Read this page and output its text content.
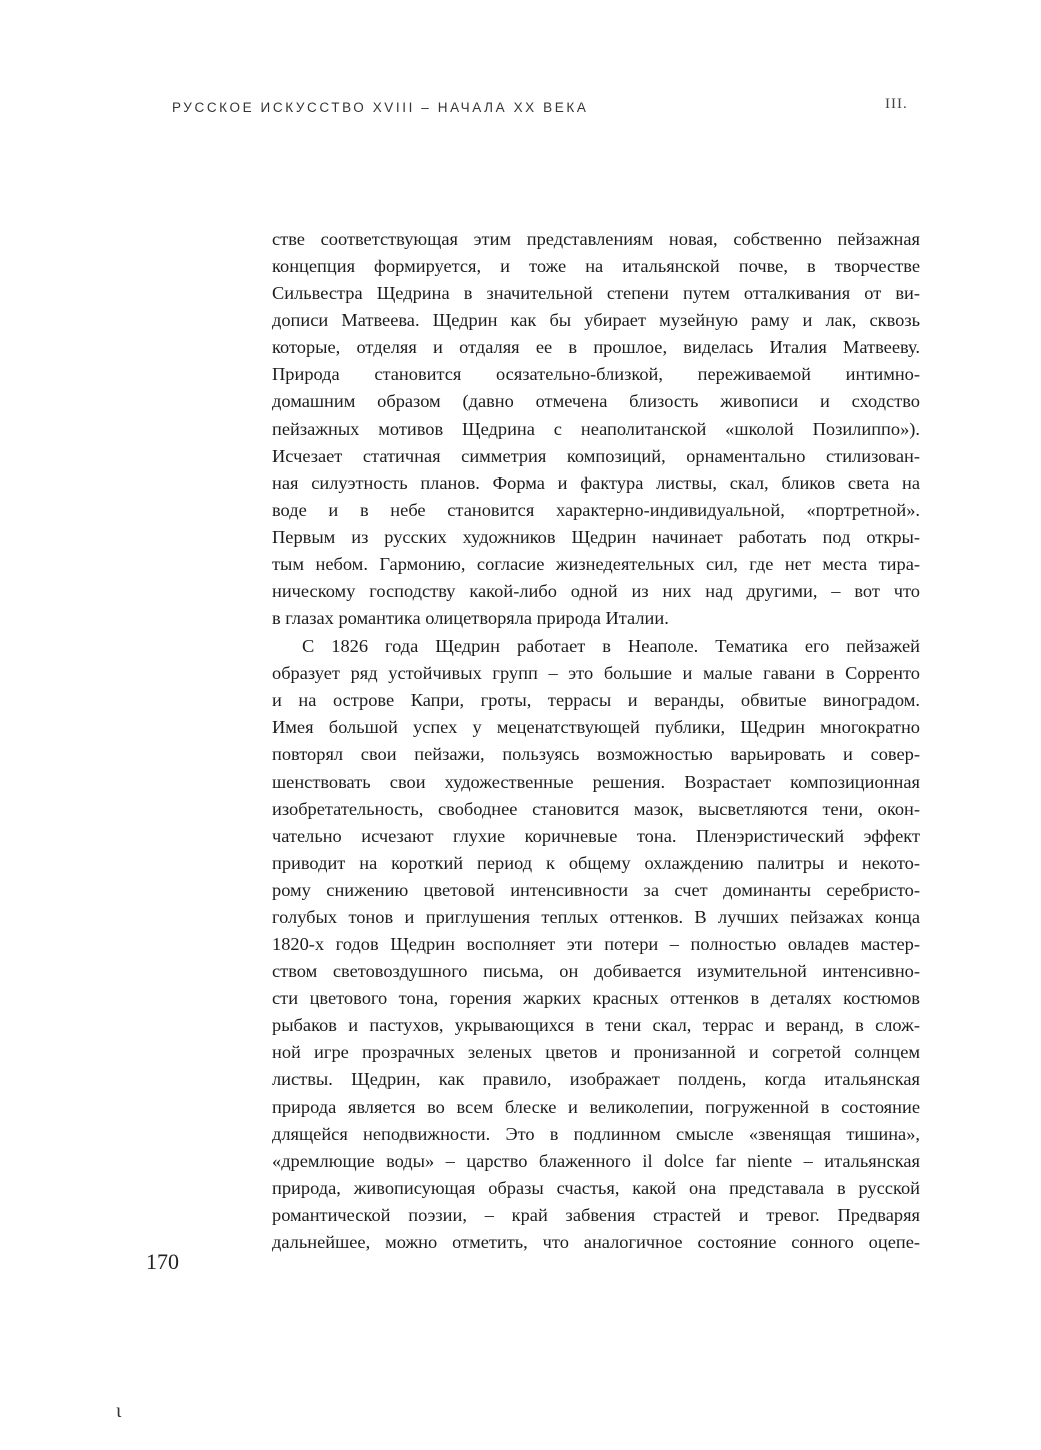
РУССКОЕ ИСКУССТВО XVIII – НАЧАЛА XX ВЕКА	III.
стве соответствующая этим представлениям новая, собственно пейзажная
концепция формируется, и тоже на итальянской почве, в творчестве
Сильвестра Щедрина в значительной степени путем отталкивания от ви-
дописи Матвеева. Щедрин как бы убирает музейную раму и лак, сквозь
которые, отделяя и отдаляя ее в прошлое, виделась Италия Матвееву.
Природа становится осязательно-близкой, переживаемой интимно-
домашним образом (давно отмечена близость живописи и сходство
пейзажных мотивов Щедрина с неаполитанской «школой Позилиппо»).
Исчезает статичная симметрия композиций, орнаментально стилизован-
ная силуэтность планов. Форма и фактура листвы, скал, бликов света на
воде и в небе становится характерно-индивидуальной, «портретной».
Первым из русских художников Щедрин начинает работать под откры-
тым небом. Гармонию, согласие жизнедеятельных сил, где нет места тира-
ническому господству какой-либо одной из них над другими, – вот что
в глазах романтика олицетворяла природа Италии.
С 1826 года Щедрин работает в Неаполе. Тематика его пейзажей
образует ряд устойчивых групп – это большие и малые гавани в Сорренто
и на острове Капри, гроты, террасы и веранды, обвитые виноградом.
Имея большой успех у меценатствующей публики, Щедрин многократно
повторял свои пейзажи, пользуясь возможностью варьировать и совер-
шенствовать свои художественные решения. Возрастает композиционная
изобретательность, свободнее становится мазок, высветляются тени, окон-
чательно исчезают глухие коричневые тона. Пленэристический эффект
приводит на короткий период к общему охлаждению палитры и некото-
рому снижению цветовой интенсивности за счет доминанты серебристо-
голубых тонов и приглушения теплых оттенков. В лучших пейзажах конца
1820-х годов Щедрин восполняет эти потери – полностью овладев мастер-
ством световоздушного письма, он добивается изумительной интенсивно-
сти цветового тона, горения жарких красных оттенков в деталях костюмов
рыбаков и пастухов, укрывающихся в тени скал, террас и веранд, в слож-
ной игре прозрачных зеленых цветов и пронизанной и согретой солнцем
листвы. Щедрин, как правило, изображает полдень, когда итальянская
природа является во всем блеске и великолепии, погруженной в состояние
длящейся неподвижности. Это в подлинном смысле «звенящая тишина»,
«дремлющие воды» – царство блаженного il dolce far niente – итальянская
природа, живописующая образы счастья, какой она представала в русской
романтической поэзии, – край забвения страстей и тревог. Предваряя
дальнейшее, можно отметить, что аналогичное состояние сонного оцепе-
170
ι
